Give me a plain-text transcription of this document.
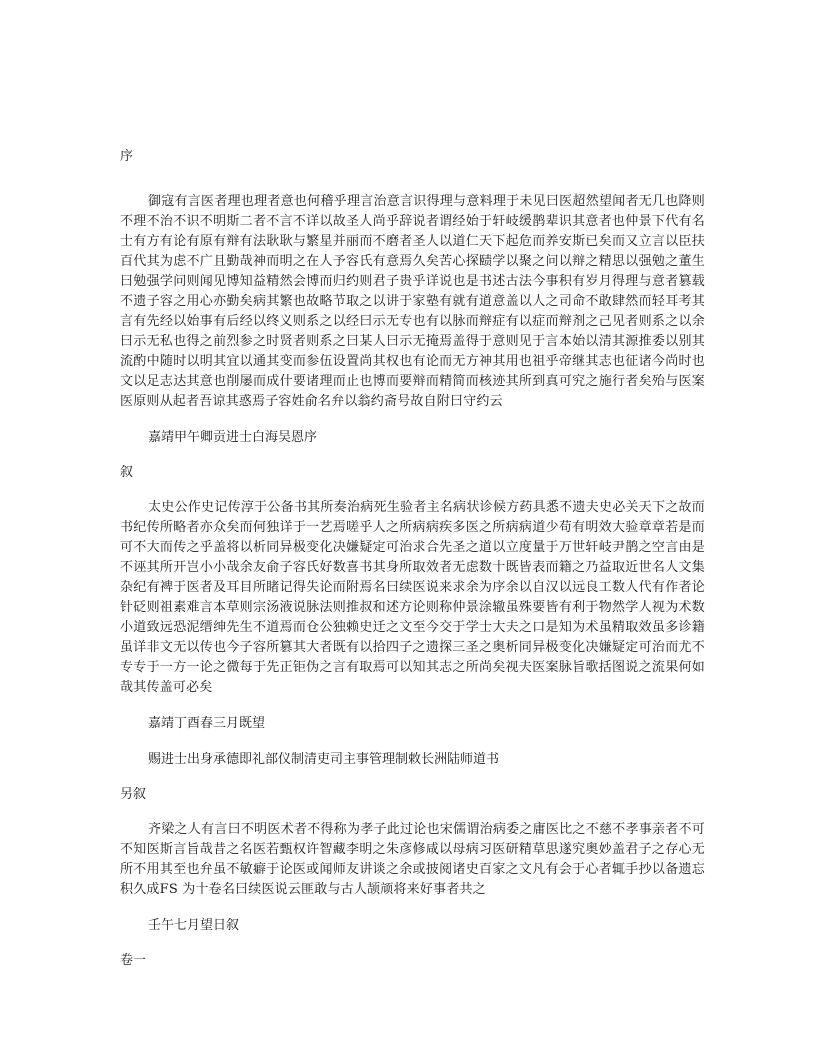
序

御寇有言医者理也理者意也何稽乎理言治意言识得理与意料理于未见曰医超然望闻者无几也降则不理不治不识不明斯二者不言不详以故圣人尚乎辞说者谓经始于轩岐缓鹊辈识其意者也仲景下代有名士有方有论有原有辩有法耿耿与繁星并丽而不磨者圣人以道仁天下起危而养安斯已矣而又立言以臣扶百代其为虑不广且勤哉神而明之在人予容氏有意焉久矣苦心探赜学以聚之问以辩之精思以强勉之董生曰勉强学问则闻见博知益精然会博而归约则君子贵乎详说也是书述古法今事积有岁月得理与意者篡载不遗子容之用心亦勤矣病其繁也故略节取之以讲于家塾有就有道意盖以人之司命不敢肆然而轻耳考其言有先经以始事有后经以终义则系之以经曰示无专也有以脉而辩症有以症而辩剂之己见者则系之以余曰示无私也得之前烈参之时贤者则系之曰某人曰示无掩焉盖得于意则见于言本始以清其源推委以别其流酌中随时以明其宜以通其变而参伍设置尚其权也有论而无方神其用也祖乎帝继其志也征诸今尚时也文以足志达其意也削屡而成什要诸理而止也博而要辩而精简而核迹其所到真可究之施行者矣殆与医案医原则从起者吾谅其惑焉子容姓俞名弁以翁约斋号故自附曰守约云

嘉靖甲午卿贡进士白海吴恩序
叙

太史公作史记传淳于公备书其所奏治病死生验者主名病状诊候方药具悉不遗夫史必关天下之故而书纪传所略者亦众矣而何独详于一艺焉嗟乎人之所病病疾多医之所病病道少苟有明效大验章章若是而可不大而传之乎盖将以析同异极变化决嫌疑定可治求合先圣之道以立度量于万世轩岐尹鹊之空言由是不诬其所开岂小小哉余友俞子容氏好数喜书其身所取效者无虑数十既皆表而籍之乃益取近世名人文集杂纪有裨于医者及耳目所睹记得失论而附焉名曰续医说来求余为序余以自汉以远良工数人代有作者论针砭则祖素难言本草则宗汤液说脉法则推叔和述方论则称仲景涂辙虽殊要皆有利于物然学人视为术数小道致远恐泥缙绅先生不道焉而仓公独赖史迁之文至今交于学士大夫之口是知为术虽精取效虽多诊籍虽详非文无以传也今子容所篡其大者既有以拾四子之遗探三圣之奥析同异极变化决嫌疑定可治而尤不专专于一方一论之微每于先正钜伪之言有取焉可以知其志之所尚矣视夫医案脉旨歌括图说之流果何如哉其传盖可必矣

嘉靖丁酉春三月既望
赐进士出身承德即礼部仪制清吏司主事管理制敕长洲陆师道书
另叙

齐梁之人有言曰不明医术者不得称为孝子此过论也宋儒谓治病委之庸医比之不慈不孝事亲者不可不知医斯言旨哉昔之名医若甄权许智藏李明之朱彦修咸以母病习医研精草思遂究奥妙盖君子之存心无所不用其至也弁虽不敏癖于论医或闻师友讲谈之余或披阅诸史百家之文凡有会于心者辄手抄以备遗忘积久成FS 为十卷名曰续医说云匪敢与古人颉颃将来好事者共之

壬午七月望日叙
卷一
